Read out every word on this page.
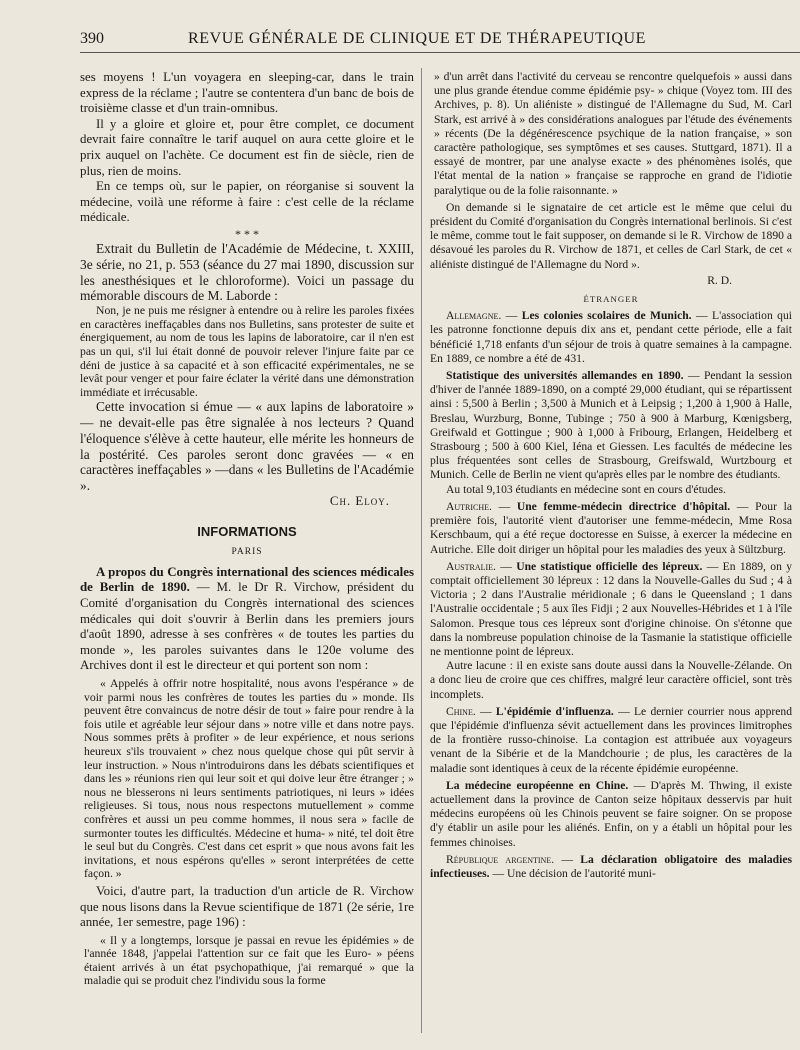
390	REVUE GÉNÉRALE DE CLINIQUE ET DE THÉRAPEUTIQUE

ses moyens ! L'un voyagera en sleeping-car, dans le train express de la réclame ; l'autre se contentera d'un banc de bois de troisième classe et d'un train-omnibus.

Il y a gloire et gloire et, pour être complet, ce document devrait faire connaître le tarif auquel on aura cette gloire et le prix auquel on l'achète. Ce document est fin de siècle, rien de plus, rien de moins.

En ce temps où, sur le papier, on réorganise si souvent la médecine, voilà une réforme à faire : c'est celle de la réclame médicale.

* * *

Extrait du Bulletin de l'Académie de Médecine, t. XXIII, 3e série, no 21, p. 553 (séance du 27 mai 1890, discussion sur les anesthésiques et le chloroforme). Voici un passage du mémorable discours de M. Laborde :

Non, je ne puis me résigner à entendre ou à relire les paroles fixées en caractères ineffaçables dans nos Bulletins, sans protester de suite et énergiquement, au nom de tous les lapins de laboratoire, car il n'en est pas un qui, s'il lui était donné de pouvoir relever l'injure faite par ce déni de justice à sa capacité et à son efficacité expérimentales, ne se levât pour venger et pour faire éclater la vérité dans une démonstration immédiate et irrécusable.

Cette invocation si émue — « aux lapins de laboratoire » — ne devait-elle pas être signalée à nos lecteurs ? Quand l'éloquence s'élève à cette hauteur, elle mérite les honneurs de la postérité. Ces paroles seront donc gravées — « en caractères ineffaçables » —dans « les Bulletins de l'Académie ».

Ch. Eloy.

INFORMATIONS
PARIS

A propos du Congrès international des sciences médicales de Berlin de 1890. — M. le Dr R. Virchow, président du Comité d'organisation du Congrès international des sciences médicales qui doit s'ouvrir à Berlin dans les premiers jours d'août 1890, adresse à ses confrères « de toutes les parties du monde », les paroles suivantes dans le 120e volume des Archives dont il est le directeur et qui portent son nom :

« Appelés à offrir notre hospitalité, nous avons l'espérance » de voir parmi nous les confrères de toutes les parties du » monde. Ils peuvent être convaincus de notre désir de tout » faire pour rendre à la fois utile et agréable leur séjour dans » notre ville et dans notre pays. Nous sommes prêts à profiter » de leur expérience, et nous serions heureux s'ils trouvaient » chez nous quelque chose qui pût servir à leur instruction. » Nous n'introduirons dans les débats scientifiques et dans les » réunions rien qui leur soit et qui doive leur être étranger ; » nous ne blesserons ni leurs sentiments patriotiques, ni leurs » idées religieuses. Si tous, nous nous respectons mutuellement » comme confrères et aussi un peu comme hommes, il nous sera » facile de surmonter toutes les difficultés. Médecine et huma- » nité, tel doit être le seul but du Congrès. C'est dans cet esprit » que nous avons fait les invitations, et nous espérons qu'elles » seront interprétées de cette façon. »

Voici, d'autre part, la traduction d'un article de R. Virchow que nous lisons dans la Revue scientifique de 1871 (2e série, 1re année, 1er semestre, page 196) :

« Il y a longtemps, lorsque je passai en revue les épidémies » de l'année 1848, j'appelai l'attention sur ce fait que les Euro- » péens étaient arrivés à un état psychopathique, j'ai remarqué » que la maladie qui se produit chez l'individu sous la forme

» d'un arrêt dans l'activité du cerveau se rencontre quelquefois » aussi dans une plus grande étendue comme épidémie psy- » chique (Voyez tom. III des Archives, p. 8). Un aliéniste » distingué de l'Allemagne du Sud, M. Carl Stark, est arrivé à » des considérations analogues par l'étude des événements » récents (De la dégénérescence psychique de la nation française, » son caractère pathologique, ses symptômes et ses causes. Stuttgard, 1871). Il a essayé de montrer, par une analyse exacte » des phénomènes isolés, que l'état mental de la nation » française se rapproche en grand de l'idiotie paralytique ou de la folie raisonnante. »

On demande si le signataire de cet article est le même que celui du président du Comité d'organisation du Congrès international berlinois. Si c'est le même, comme tout le fait supposer, on demande si le R. Virchow de 1890 a désavoué les paroles du R. Virchow de 1871, et celles de Carl Stark, de cet « aliéniste distingué de l'Allemagne du Nord ».

R. D.

ÉTRANGER

Allemagne. — Les colonies scolaires de Munich. — L'association qui les patronne fonctionne depuis dix ans et, pendant cette période, elle a fait bénéficié 1,718 enfants d'un séjour de trois à quatre semaines à la campagne. En 1889, ce nombre a été de 431.

Statistique des universités allemandes en 1890. — Pendant la session d'hiver de l'année 1889-1890, on a compté 29,000 étudiant, qui se répartissent ainsi : 5,500 à Berlin ; 3,500 à Munich et à Leipsig ; 1,200 à 1,900 à Halle, Breslau, Wurzburg, Bonne, Tubinge ; 750 à 900 à Marburg, Kœnigsberg, Greifwald et Gottingue ; 900 à 1,000 à Fribourg, Erlangen, Heidelberg et Strasbourg ; 500 à 600 Kiel, Iéna et Giessen. Les facultés de médecine les plus fréquentées sont celles de Strasbourg, Greifswald, Wurtzbourg et Munich. Celle de Berlin ne vient qu'après elles par le nombre des étudiants.

Au total 9,103 étudiants en médecine sont en cours d'études.

Autriche. — Une femme-médecin directrice d'hôpital. — Pour la première fois, l'autorité vient d'autoriser une femme-médecin, Mme Rosa Kerschbaum, qui a été reçue doctoresse en Suisse, à exercer la médecine en Autriche. Elle doit diriger un hôpital pour les maladies des yeux à Sültzburg.

Australie. — Une statistique officielle des lépreux. — En 1889, on y comptait officiellement 30 lépreux : 12 dans la Nouvelle-Galles du Sud ; 4 à Victoria ; 2 dans l'Australie méridionale ; 6 dans le Queensland ; 1 dans l'Australie occidentale ; 5 aux îles Fidji ; 2 aux Nouvelles-Hébrides et 1 à l'île Salomon. Presque tous ces lépreux sont d'origine chinoise. On s'étonne que dans la nombreuse population chinoise de la Tasmanie la statistique officielle ne mentionne point de lépreux.

Autre lacune : il en existe sans doute aussi dans la Nouvelle-Zélande. On a donc lieu de croire que ces chiffres, malgré leur caractère officiel, sont très incomplets.

Chine. — L'épidémie d'influenza. — Le dernier courrier nous apprend que l'épidémie d'influenza sévit actuellement dans les provinces limitrophes de la frontière russo-chinoise. La contagion est attribuée aux voyageurs venant de la Sibérie et de la Mandchourie ; de plus, les caractères de la maladie sont identiques à ceux de la récente épidémie européenne.

La médecine européenne en Chine. — D'après M. Thwing, il existe actuellement dans la province de Canton seize hôpitaux desservis par huit médecins européens où les Chinois peuvent se faire soigner. On se propose d'y établir un asile pour les aliénés. Enfin, on y a établi un hôpital pour les femmes chinoises.

République argentine. — La déclaration obligatoire des maladies infectieuses. — Une décision de l'autorité muni-
